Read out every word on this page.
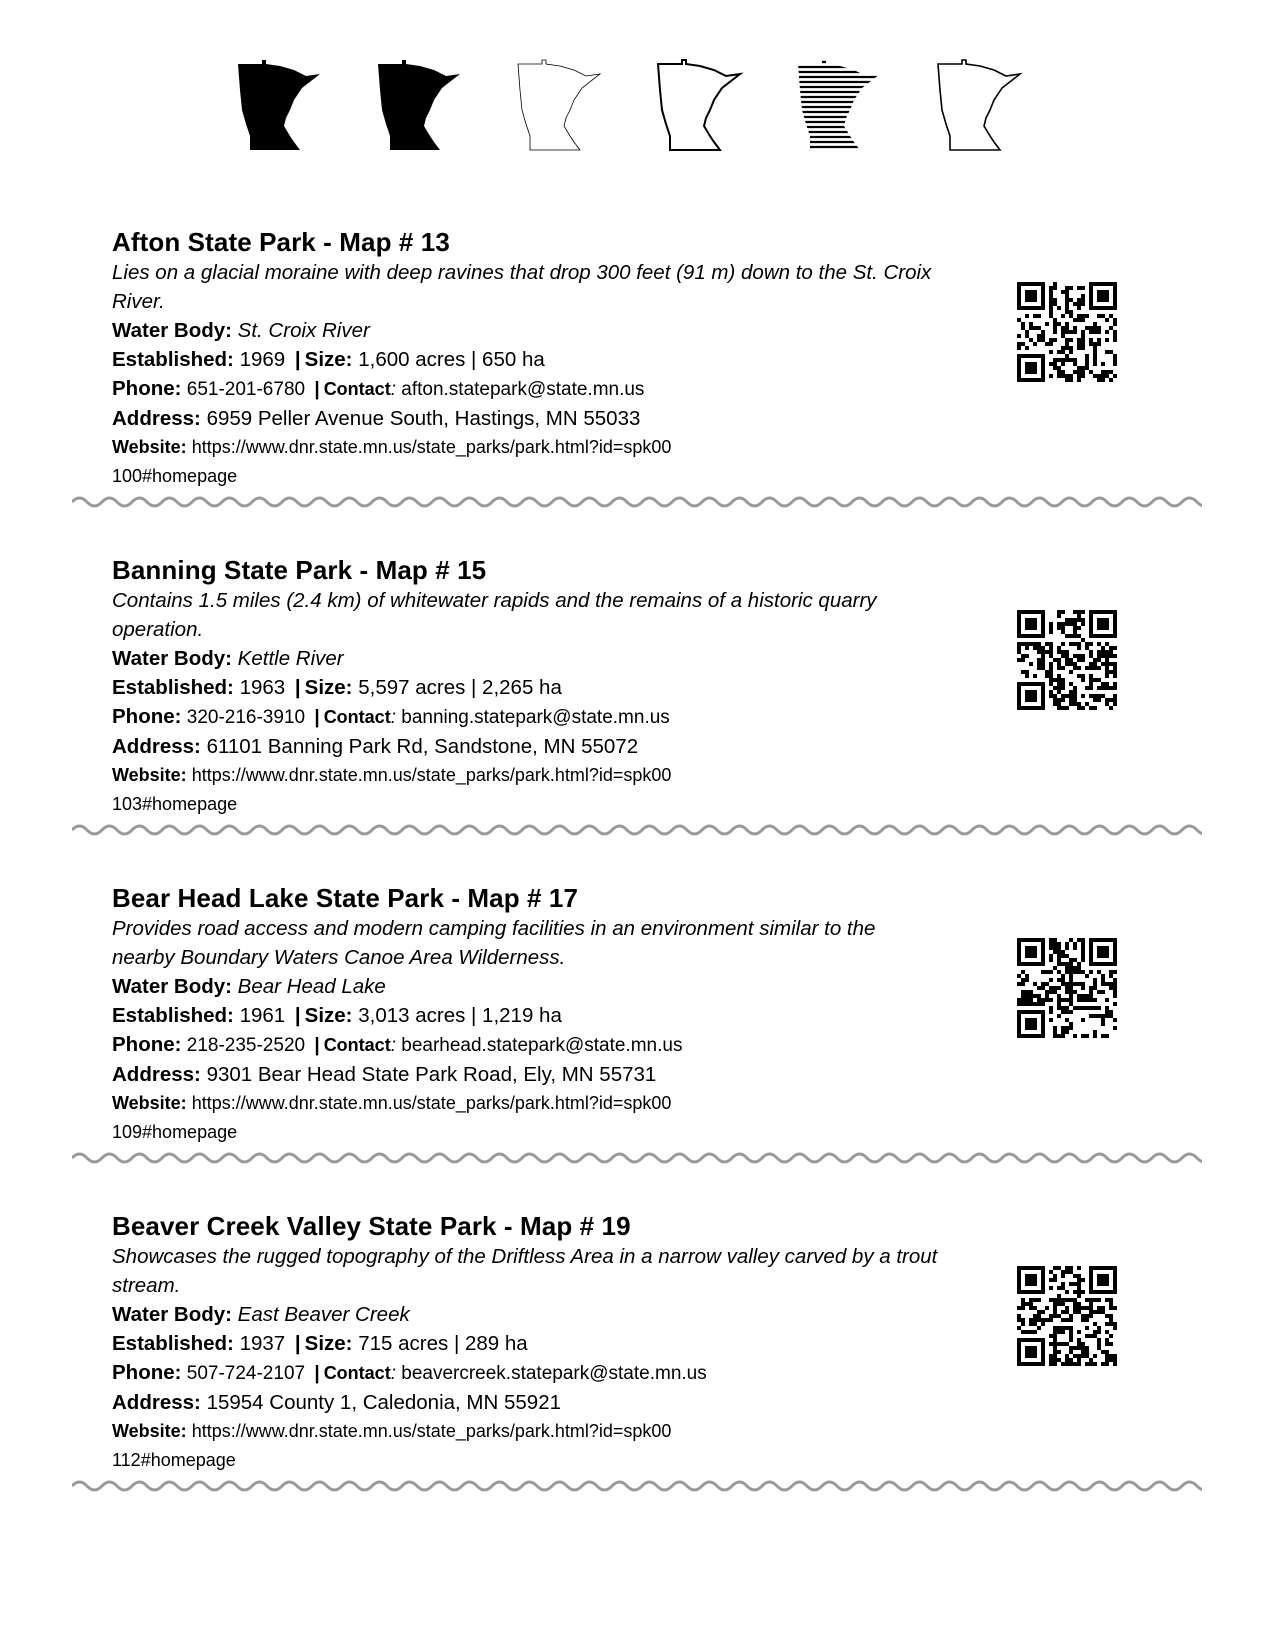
Afton State Park - Map # 13
Lies on a glacial moraine with deep ravines that drop 300 feet (91 m) down to the St. Croix River.
Water Body: St. Croix River
Established: 1969 | Size: 1,600 acres | 650 ha
Phone: 651-201-6780 | Contact: afton.statepark@state.mn.us
Address: 6959 Peller Avenue South, Hastings, MN 55033
Website: https://www.dnr.state.mn.us/state_parks/park.html?id=spk00100#homepage
Banning State Park - Map # 15
Contains 1.5 miles (2.4 km) of whitewater rapids and the remains of a historic quarry operation.
Water Body: Kettle River
Established: 1963 | Size: 5,597 acres | 2,265 ha
Phone: 320-216-3910 | Contact: banning.statepark@state.mn.us
Address: 61101 Banning Park Rd, Sandstone, MN 55072
Website: https://www.dnr.state.mn.us/state_parks/park.html?id=spk00103#homepage
Bear Head Lake State Park - Map # 17
Provides road access and modern camping facilities in an environment similar to the nearby Boundary Waters Canoe Area Wilderness.
Water Body: Bear Head Lake
Established: 1961 | Size: 3,013 acres | 1,219 ha
Phone: 218-235-2520 | Contact: bearhead.statepark@state.mn.us
Address: 9301 Bear Head State Park Road, Ely, MN 55731
Website: https://www.dnr.state.mn.us/state_parks/park.html?id=spk00109#homepage
Beaver Creek Valley State Park - Map # 19
Showcases the rugged topography of the Driftless Area in a narrow valley carved by a trout stream.
Water Body: East Beaver Creek
Established: 1937 | Size: 715 acres | 289 ha
Phone: 507-724-2107 | Contact: beavercreek.statepark@state.mn.us
Address: 15954 County 1, Caledonia, MN 55921
Website: https://www.dnr.state.mn.us/state_parks/park.html?id=spk00112#homepage
